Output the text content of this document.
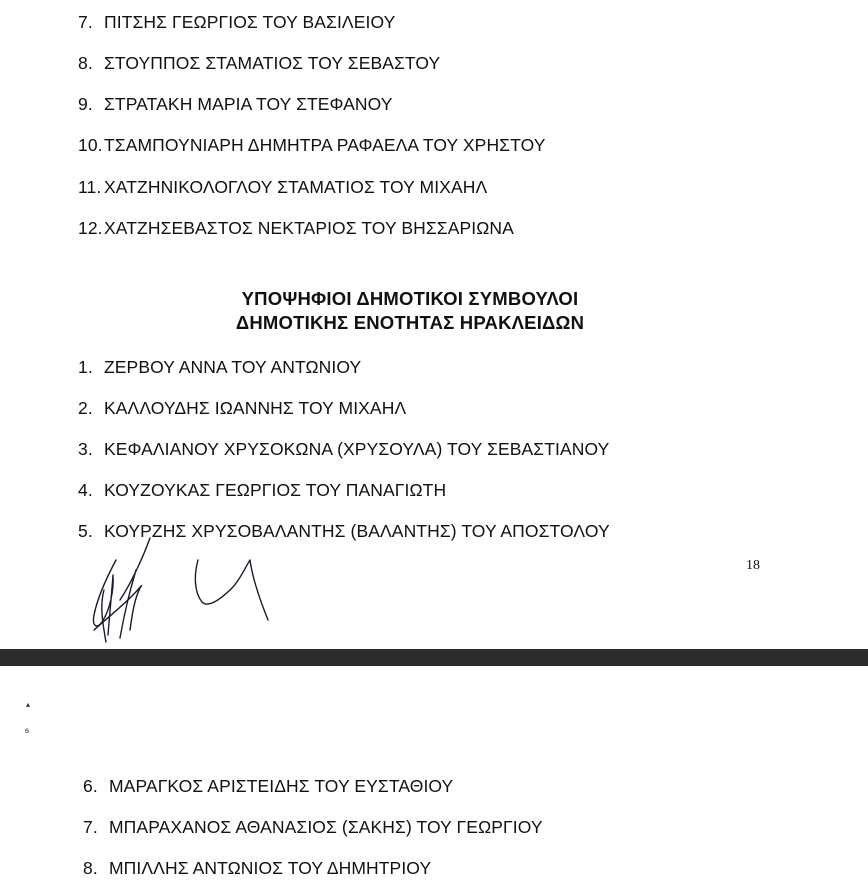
7. ΠΙΤΣΗΣ ΓΕΩΡΓΙΟΣ ΤΟΥ ΒΑΣΙΛΕΙΟΥ
8. ΣΤΟΥΠΠΟΣ ΣΤΑΜΑΤΙΟΣ ΤΟΥ ΣΕΒΑΣΤΟΥ
9. ΣΤΡΑΤΑΚΗ ΜΑΡΙΑ ΤΟΥ ΣΤΕΦΑΝΟΥ
10. ΤΣΑΜΠΟΥΝΙΑΡΗ ΔΗΜΗΤΡΑ ΡΑΦΑΕΛΑ ΤΟΥ ΧΡΗΣΤΟΥ
11. ΧΑΤΖΗΝΙΚΟΛΟΓΛΟΥ ΣΤΑΜΑΤΙΟΣ ΤΟΥ ΜΙΧΑΗΛ
12. ΧΑΤΖΗΣΕΒΑΣΤΟΣ ΝΕΚΤΑΡΙΟΣ ΤΟΥ ΒΗΣΣΑΡΙΩΝΑ
ΥΠΟΨΗΦΙΟΙ ΔΗΜΟΤΙΚΟΙ ΣΥΜΒΟΥΛΟΙ
ΔΗΜΟΤΙΚΗΣ ΕΝΟΤΗΤΑΣ ΗΡΑΚΛΕΙΔΩΝ
1. ΖΕΡΒΟΥ ΑΝΝΑ ΤΟΥ ΑΝΤΩΝΙΟΥ
2. ΚΑΛΛΟΥΔΗΣ ΙΩΑΝΝΗΣ ΤΟΥ ΜΙΧΑΗΛ
3. ΚΕΦΑΛΙΑΝΟΥ ΧΡΥΣΟΚΩΝΑ (ΧΡΥΣΟΥΛΑ) ΤΟΥ ΣΕΒΑΣΤΙΑΝΟΥ
4. ΚΟΥΖΟΥΚΑΣ ΓΕΩΡΓΙΟΣ ΤΟΥ ΠΑΝΑΓΙΩΤΗ
5. ΚΟΥΡΖΗΣ ΧΡΥΣΟΒΑΛΑΝΤΗΣ (ΒΑΛΑΝΤΗΣ) ΤΟΥ ΑΠΟΣΤΟΛΟΥ
18
▴
ᵴ
6. ΜΑΡΑΓΚΟΣ ΑΡΙΣΤΕΙΔΗΣ ΤΟΥ ΕΥΣΤΑΘΙΟΥ
7. ΜΠΑΡΑΧΑΝΟΣ ΑΘΑΝΑΣΙΟΣ (ΣΑΚΗΣ) ΤΟΥ ΓΕΩΡΓΙΟΥ
8. ΜΠΙΛΛΗΣ ΑΝΤΩΝΙΟΣ ΤΟΥ ΔΗΜΗΤΡΙΟΥ
